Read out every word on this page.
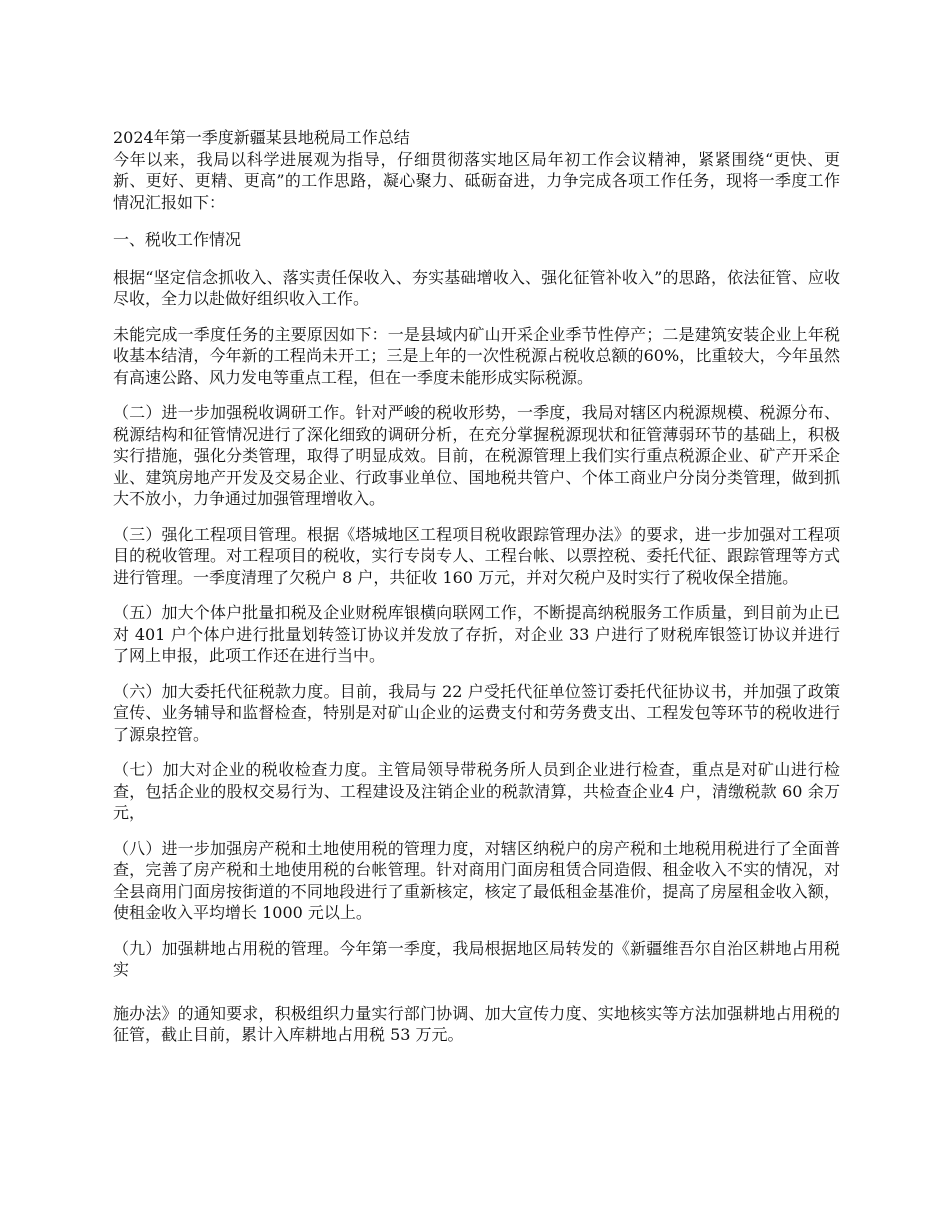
2024年第一季度新疆某县地税局工作总结

今年以来，我局以科学进展观为指导，仔细贯彻落实地区局年初工作会议精神，紧紧围绕“更快、更新、更好、更精、更高”的工作思路，凝心聚力、砥砺奋进，力争完成各项工作任务，现将一季度工作情况汇报如下：

一、税收工作情况

根据“坚定信念抓收入、落实责任保收入、夯实基础增收入、强化征管补收入”的思路，依法征管、应收尽收，全力以赴做好组织收入工作。

未能完成一季度任务的主要原因如下：一是县域内矿山开采企业季节性停产；二是建筑安装企业上年税收基本结清，今年新的工程尚未开工；三是上年的一次性税源占税收总额的60%，比重较大，今年虽然有高速公路、风力发电等重点工程，但在一季度未能形成实际税源。

（二）进一步加强税收调研工作。针对严峻的税收形势，一季度，我局对辖区内税源规模、税源分布、税源结构和征管情况进行了深化细致的调研分析，在充分掌握税源现状和征管薄弱环节的基础上，积极实行措施，强化分类管理，取得了明显成效。目前，在税源管理上我们实行重点税源企业、矿产开采企业、建筑房地产开发及交易企业、行政事业单位、国地税共管户、个体工商业户分岗分类管理，做到抓大不放小，力争通过加强管理增收入。

（三）强化工程项目管理。根据《塔城地区工程项目税收跟踪管理办法》的要求，进一步加强对工程项目的税收管理。对工程项目的税收，实行专岗专人、工程台帐、以票控税、委托代征、跟踪管理等方式进行管理。一季度清理了欠税户 8 户，共征收 160 万元，并对欠税户及时实行了税收保全措施。

（五）加大个体户批量扣税及企业财税库银横向联网工作，不断提高纳税服务工作质量，到目前为止已对 401 户个体户进行批量划转签订协议并发放了存折，对企业 33 户进行了财税库银签订协议并进行了网上申报，此项工作还在进行当中。

（六）加大委托代征税款力度。目前，我局与 22 户受托代征单位签订委托代征协议书，并加强了政策宣传、业务辅导和监督检查，特别是对矿山企业的运费支付和劳务费支出、工程发包等环节的税收进行了源泉控管。

（七）加大对企业的税收检查力度。主管局领导带税务所人员到企业进行检查，重点是对矿山进行检查，包括企业的股权交易行为、工程建设及注销企业的税款清算，共检查企业4 户，清缴税款 60 余万元，

（八）进一步加强房产税和土地使用税的管理力度，对辖区纳税户的房产税和土地税用税进行了全面普查，完善了房产税和土地使用税的台帐管理。针对商用门面房租赁合同造假、租金收入不实的情况，对全县商用门面房按街道的不同地段进行了重新核定，核定了最低租金基准价，提高了房屋租金收入额，使租金收入平均增长 1000 元以上。

（九）加强耕地占用税的管理。今年第一季度，我局根据地区局转发的《新疆维吾尔自治区耕地占用税实

施办法》的通知要求，积极组织力量实行部门协调、加大宣传力度、实地核实等方法加强耕地占用税的征管，截止目前，累计入库耕地占用税 53 万元。
